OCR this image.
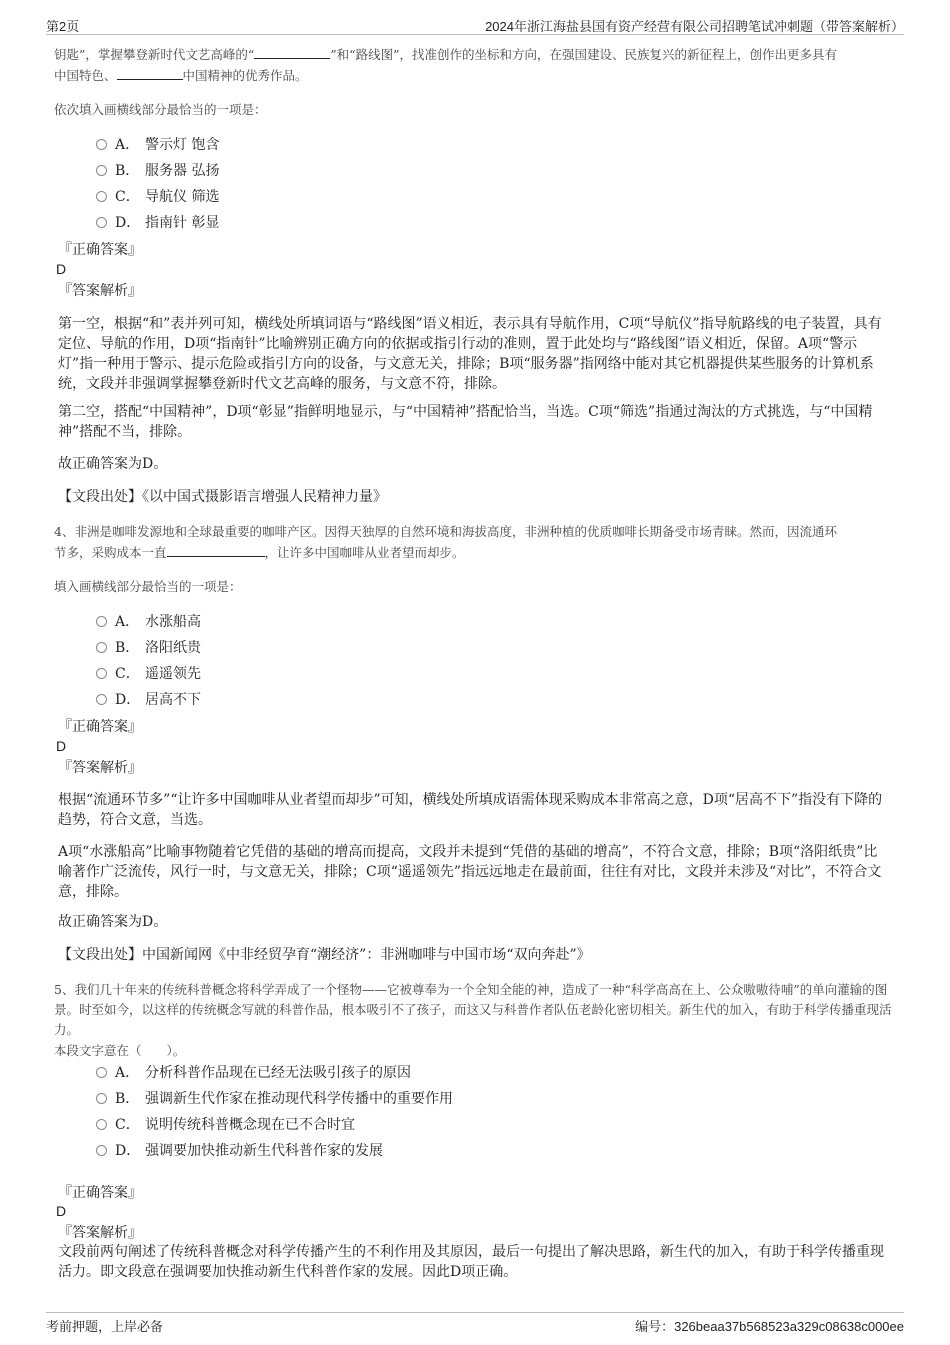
第2页	2024年浙江海盐县国有资产经营有限公司招聘笔试冲刺题（带答案解析）
钥匙”，掌握攀登新时代文艺高峰的“	”和“路线图”，找准创作的坐标和方向，在强国建设、民族复兴的新征程上，创作出更多具有
中国特色、	中国精神的优秀作品。
依次填入画横线部分最恰当的一项是：
A． 警示灯 饱含
B． 服务器 弘扬
C． 导航仪 筛选
D． 指南针 彰显
『正确答案』
D
『答案解析』
第一空，根据“和”表并列可知，横线处所填词语与“路线图”语义相近，表示具有导航作用，C项“导航仪”指导航路线的电子装置，具有定位、导航的作用，D项“指南针”比喻辨别正确方向的依据或指引行动的准则，置于此处均与“路线图”语义相近，保留。A项“警示灯”指一种用于警示、提示危险或指引方向的设备，与文意无关，排除；B项“服务器”指网络中能对其它机器提供某些服务的计算机系统，文段并非强调掌握攀登新时代文艺高峰的服务，与文意不符，排除。
第二空，搭配“中国精神”，D项“彰显”指鲜明地显示，与“中国精神”搭配恰当，当选。C项“筛选”指通过淘汰的方式挑选，与“中国精神”搭配不当，排除。
故正确答案为D。
【文段出处】《以中国式摄影语言增强人民精神力量》
4、非洲是咖啡发源地和全球最重要的咖啡产区。因得天独厚的自然环境和海拔高度，非洲种植的优质咖啡长期备受市场青睐。然而，因流通环
节多，采购成本一直	，让许多中国咖啡从业者望而却步。
填入画横线部分最恰当的一项是：
A． 水涨船高
B． 洛阳纸贵
C． 遥遥领先
D． 居高不下
『正确答案』
D
『答案解析』
根据“流通环节多”“让许多中国咖啡从业者望而却步”可知，横线处所填成语需体现采购成本非常高之意，D项“居高不下”指没有下降的趋势，符合文意，当选。
A项“水涨船高”比喻事物随着它凭借的基础的增高而提高，文段并未提到“凭借的基础的增高”，不符合文意，排除；B项“洛阳纸贵”比喻著作广泛流传，风行一时，与文意无关，排除；C项“遥遥领先”指远远地走在最前面，往往有对比，文段并未涉及“对比”，不符合文意，排除。
故正确答案为D。
【文段出处】中国新闻网《中非经贸孕育“潮经济”：非洲咖啡与中国市场“双向奔赴”》
5、我们几十年来的传统科普概念将科学弄成了一个怪物——它被尊奉为一个全知全能的神，造成了一种“科学高高在上、公众嗷嗷待哺”的单向灌输的图景。时至如今，以这样的传统概念写就的科普作品，根本吸引不了孩子，而这又与科普作者队伍老龄化密切相关。新生代的加入，有助于科学传播重现活力。
本段文字意在（　　）。
A． 分析科普作品现在已经无法吸引孩子的原因
B． 强调新生代作家在推动现代科学传播中的重要作用
C． 说明传统科普概念现在已不合时宜
D． 强调要加快推动新生代科普作家的发展
『正确答案』
D
『答案解析』
文段前两句阐述了传统科普概念对科学传播产生的不利作用及其原因，最后一句提出了解决思路，新生代的加入，有助于科学传播重现活力。即文段意在强调要加快推动新生代科普作家的发展。因此D项正确。
考前押题，上岸必备	编号：326beaa37b568523a329c08638c000ee
